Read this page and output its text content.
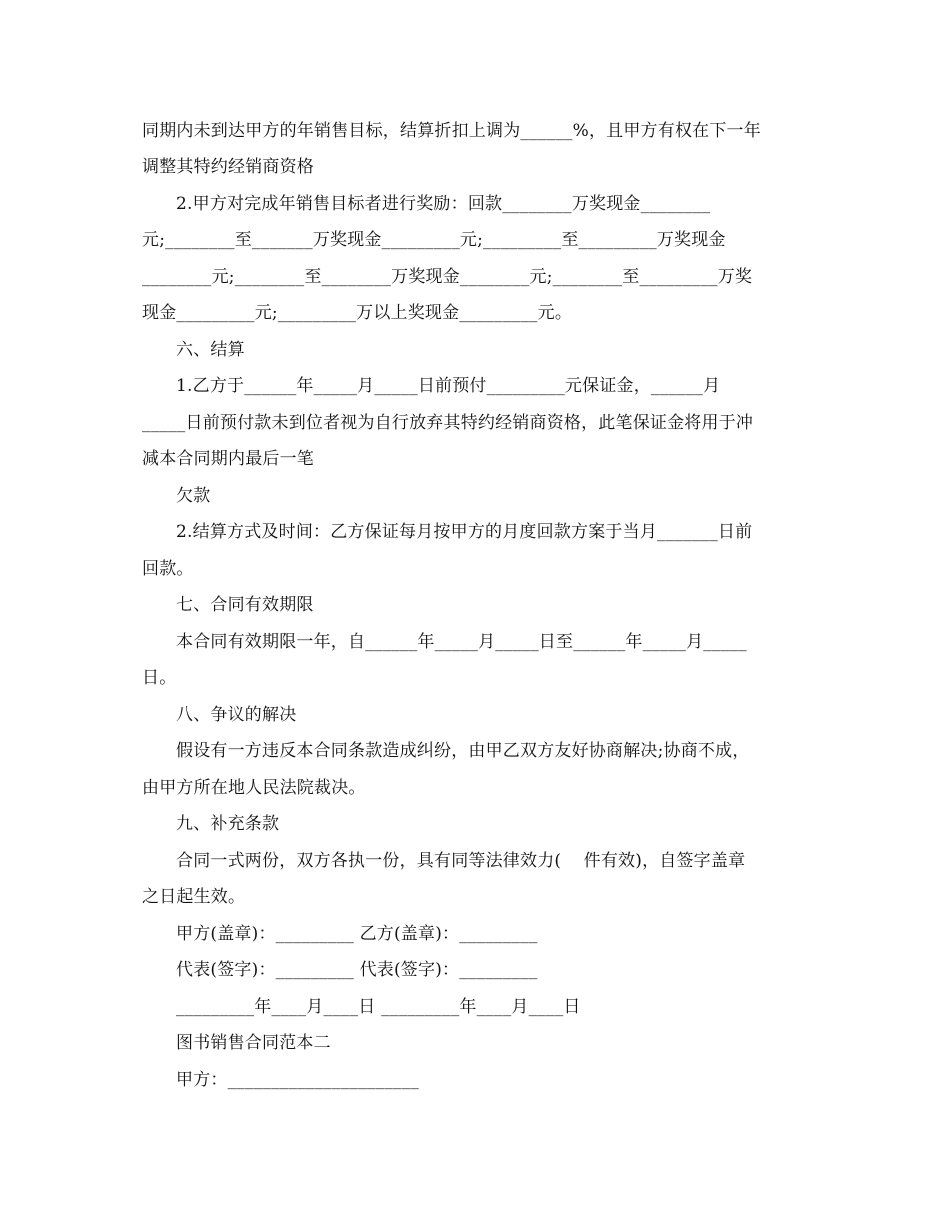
同期内未到达甲方的年销售目标，结算折扣上调为______%，且甲方有权在下一年
调整其特约经销商资格
2.甲方对完成年销售目标者进行奖励：回款________万奖现金________
元;________至_______万奖现金_________元;_________至_________万奖现金
________元;________至________万奖现金________元;________至_________万奖
现金_________元;_________万以上奖现金_________元。
六、结算
1.乙方于______年_____月_____日前预付_________元保证金，______月
_____日前预付款未到位者视为自行放弃其特约经销商资格，此笔保证金将用于冲
减本合同期内最后一笔
欠款
2.结算方式及时间：乙方保证每月按甲方的月度回款方案于当月_______日前
回款。
七、合同有效期限
本合同有效期限一年，自______年_____月_____日至______年_____月_____
日。
八、争议的解决
假设有一方违反本合同条款造成纠纷，由甲乙双方友好协商解决;协商不成，
由甲方所在地人民法院裁决。
九、补充条款
合同一式两份，双方各执一份，具有同等法律效力(    件有效)，自签字盖章
之日起生效。
甲方(盖章)：_________ 乙方(盖章)：_________
代表(签字)：_________ 代表(签字)：_________
_________年____月____日 _________年____月____日
图书销售合同范本二
甲方：______________________
